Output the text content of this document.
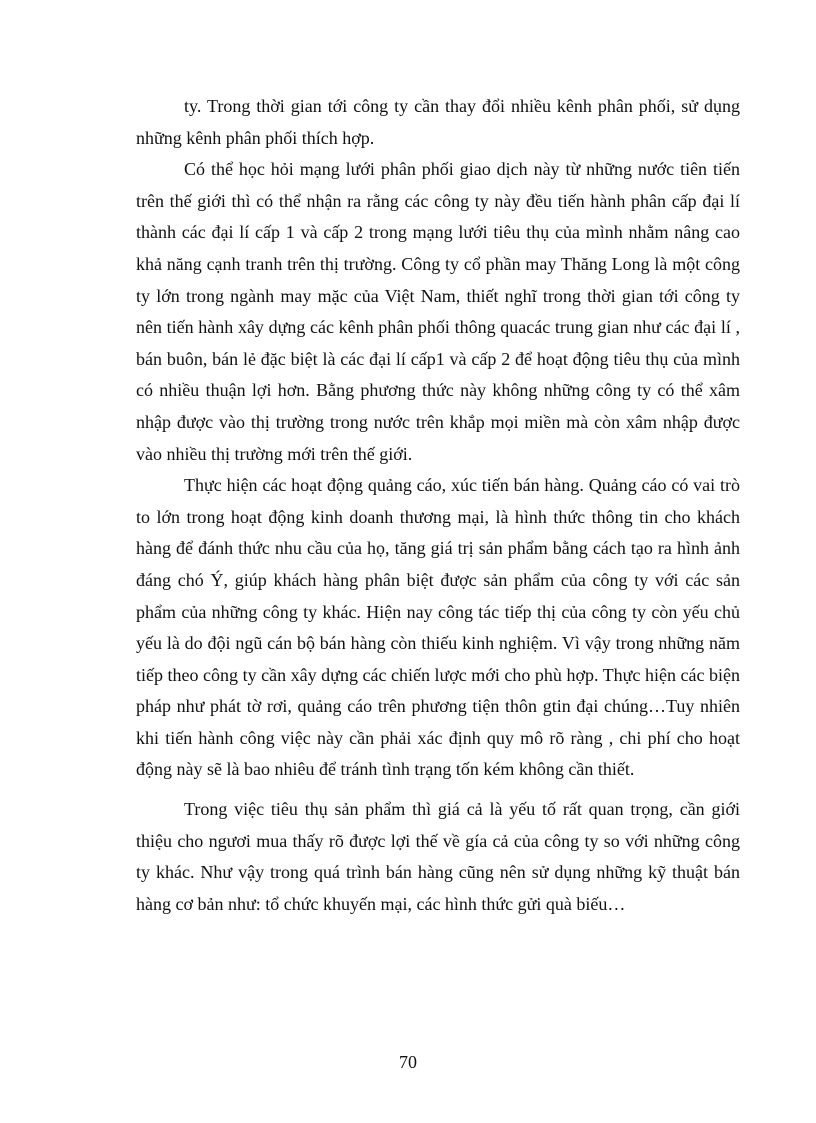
ty. Trong thời gian tới công ty cần thay đổi nhiều kênh phân phối, sử dụng những kênh phân phối thích hợp.

Có thể học hỏi mạng lưới phân phối giao dịch này từ những nước tiên tiến trên thế giới thì có thể nhận ra rằng các công ty này đều tiến hành phân cấp đại lí thành các đại lí cấp 1 và cấp 2 trong mạng lưới tiêu thụ của mình nhằm nâng cao khả năng cạnh tranh trên thị trường. Công ty cổ phần may Thăng Long là một công ty lớn trong ngành may mặc của Việt Nam, thiết nghĩ trong thời gian tới công ty nên tiến hành xây dựng các kênh phân phối thông quacác trung gian như các đại lí , bán buôn, bán lẻ đặc biệt là các đại lí cấp1 và cấp 2 để hoạt động tiêu thụ của mình có nhiều thuận lợi hơn. Bằng phương thức này không những công ty có thể xâm nhập được vào thị trường trong nước trên khắp mọi miền mà còn xâm nhập được vào nhiều thị trường mới trên thế giới.

Thực hiện các hoạt động quảng cáo, xúc tiến bán hàng. Quảng cáo có vai trò to lớn trong hoạt động kinh doanh thương mại, là hình thức thông tin cho khách hàng để đánh thức nhu cầu của họ, tăng giá trị sản phẩm bằng cách tạo ra hình ảnh đáng chó Ý, giúp khách hàng phân biệt được sản phẩm của công ty với các sản phẩm của những công ty khác. Hiện nay công tác tiếp thị của công ty còn yếu chủ yếu là do đội ngũ cán bộ bán hàng còn thiếu kinh nghiệm. Vì vậy trong những năm tiếp theo công ty cần xây dựng các chiến lược mới cho phù hợp. Thực hiện các biện pháp như phát tờ rơi, quảng cáo trên phương tiện thôn gtin đại chúng…Tuy nhiên khi tiến hành công việc này cần phải xác định quy mô rõ ràng , chi phí cho hoạt động này sẽ là bao nhiêu để tránh tình trạng tốn kém không cần thiết.

Trong việc tiêu thụ sản phẩm thì giá cả là yếu tố rất quan trọng, cần giới thiệu cho ngươi mua thấy rõ được lợi thế về gía cả của công ty so với những công ty khác. Như vậy trong quá trình bán hàng cũng nên sử dụng những kỹ thuật bán hàng cơ bản như: tổ chức khuyến mại, các hình thức gửi quà biếu…

70
